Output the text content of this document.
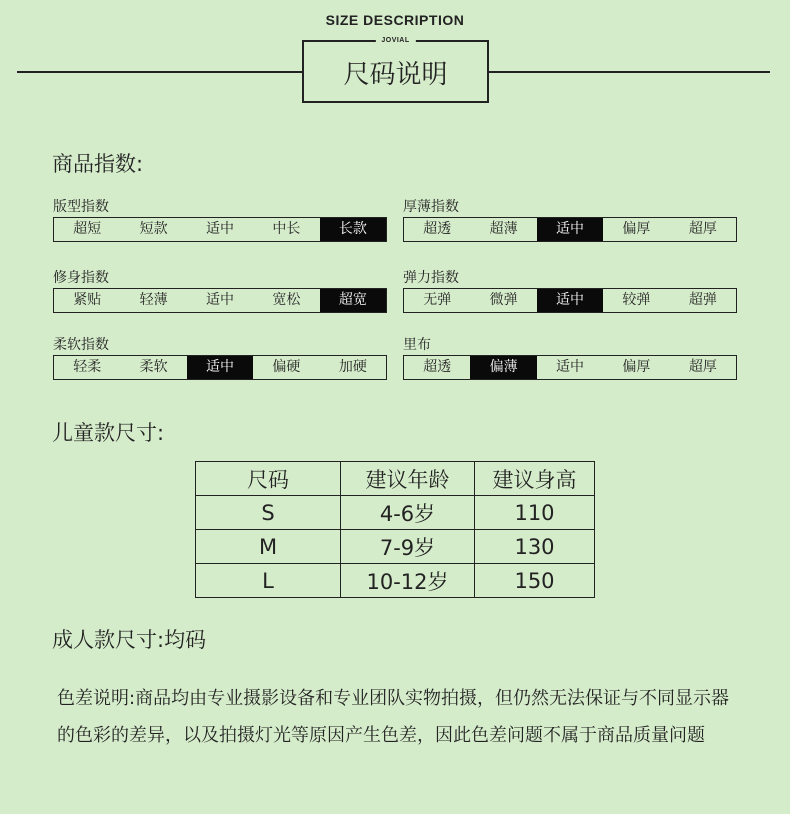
SIZE DESCRIPTION
JOVIAL
尺码说明
商品指数:
版型指数
超短	短款	适中	中长	长款
厚薄指数
超透	超薄	适中	偏厚	超厚
修身指数
紧贴	轻薄	适中	宽松	超宽
弹力指数
无弹	微弹	适中	较弹	超弹
柔软指数
轻柔	柔软	适中	偏硬	加硬
里布
超透	偏薄	适中	偏厚	超厚
儿童款尺寸:
尺码	建议年龄	建议身高
S	4-6岁	110
M	7-9岁	130
L	10-12岁	150
成人款尺寸:均码
色差说明:商品均由专业摄影设备和专业团队实物拍摄，但仍然无法保证与不同显示器的色彩的差异，以及拍摄灯光等原因产生色差，因此色差问题不属于商品质量问题
